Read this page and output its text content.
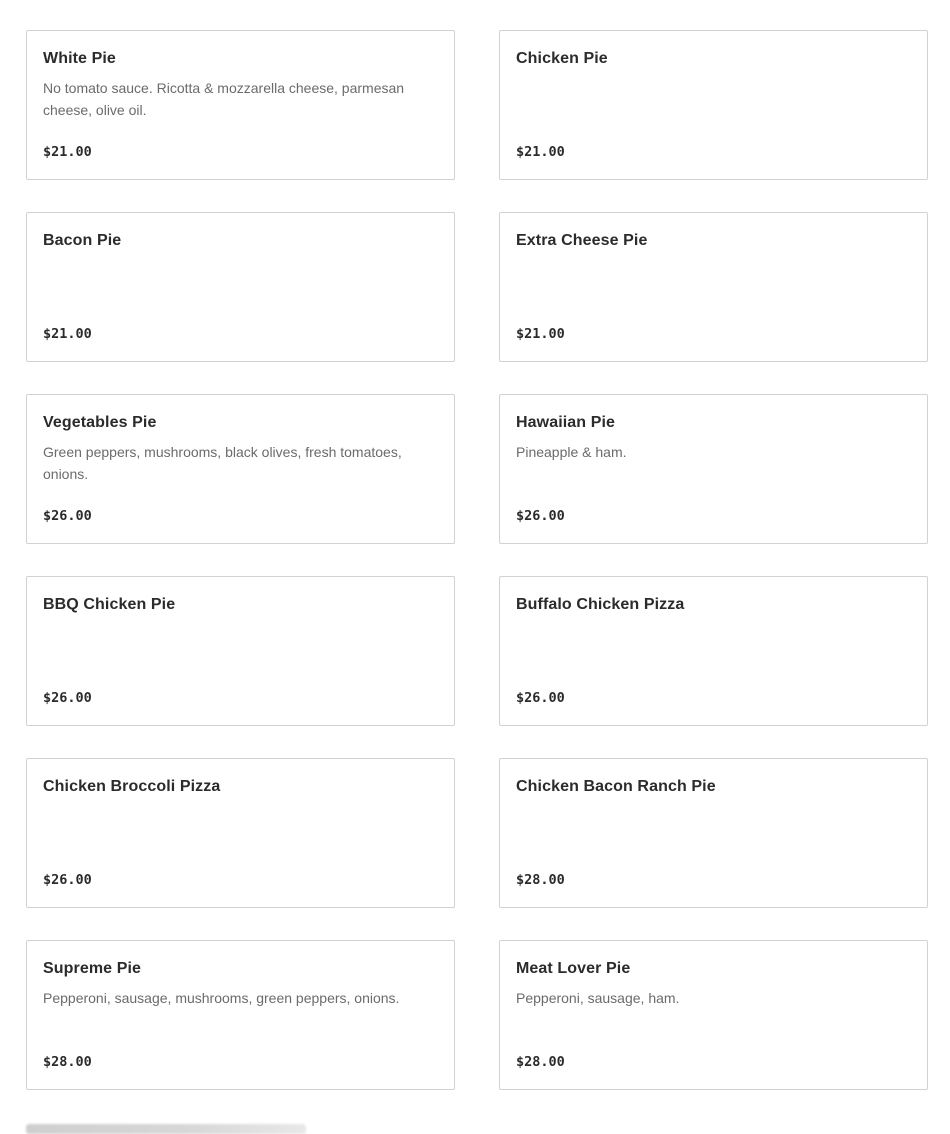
White Pie
No tomato sauce. Ricotta & mozzarella cheese, parmesan cheese, olive oil.
$21.00
Chicken Pie
$21.00
Bacon Pie
$21.00
Extra Cheese Pie
$21.00
Vegetables Pie
Green peppers, mushrooms, black olives, fresh tomatoes, onions.
$26.00
Hawaiian Pie
Pineapple & ham.
$26.00
BBQ Chicken Pie
$26.00
Buffalo Chicken Pizza
$26.00
Chicken Broccoli Pizza
$26.00
Chicken Bacon Ranch Pie
$28.00
Supreme Pie
Pepperoni, sausage, mushrooms, green peppers, onions.
$28.00
Meat Lover Pie
Pepperoni, sausage, ham.
$28.00
